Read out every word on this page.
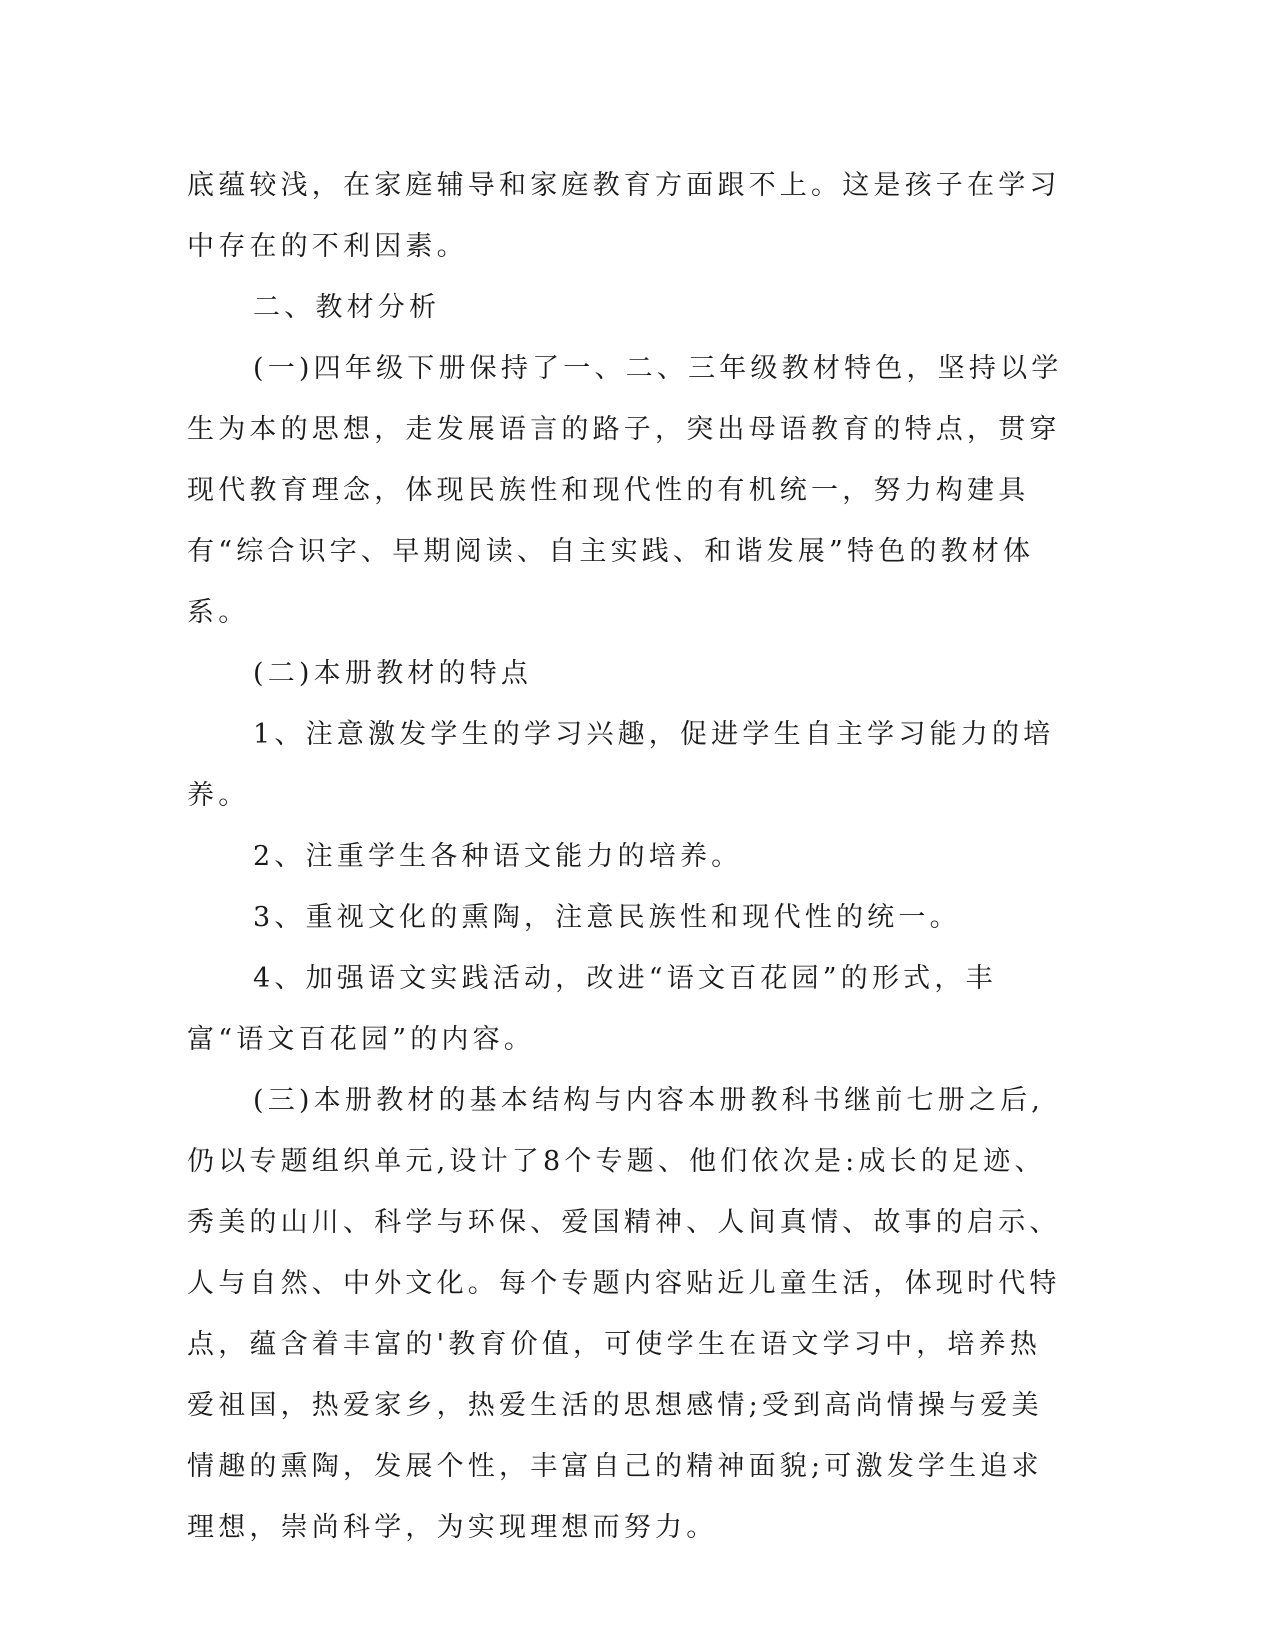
底蕴较浅，在家庭辅导和家庭教育方面跟不上。这是孩子在学习中存在的不利因素。

二、教材分析

(一)四年级下册保持了一、二、三年级教材特色，坚持以学生为本的思想，走发展语言的路子，突出母语教育的特点，贯穿现代教育理念，体现民族性和现代性的有机统一，努力构建具有“综合识字、早期阅读、自主实践、和谐发展”特色的教材体系。

(二)本册教材的特点

1、注意激发学生的学习兴趣，促进学生自主学习能力的培养。

2、注重学生各种语文能力的培养。

3、重视文化的熏陶，注意民族性和现代性的统一。

4、加强语文实践活动，改进“语文百花园”的形式，丰富“语文百花园”的内容。

(三)本册教材的基本结构与内容本册教科书继前七册之后,仍以专题组织单元,设计了8个专题、他们依次是:成长的足迹、秀美的山川、科学与环保、爱国精神、人间真情、故事的启示、人与自然、中外文化。每个专题内容贴近儿童生活，体现时代特点，蕴含着丰富的'教育价值，可使学生在语文学习中，培养热爱祖国，热爱家乡，热爱生活的思想感情;受到高尚情操与爱美情趣的熏陶，发展个性，丰富自己的精神面貌;可激发学生追求理想，崇尚科学，为实现理想而努力。
